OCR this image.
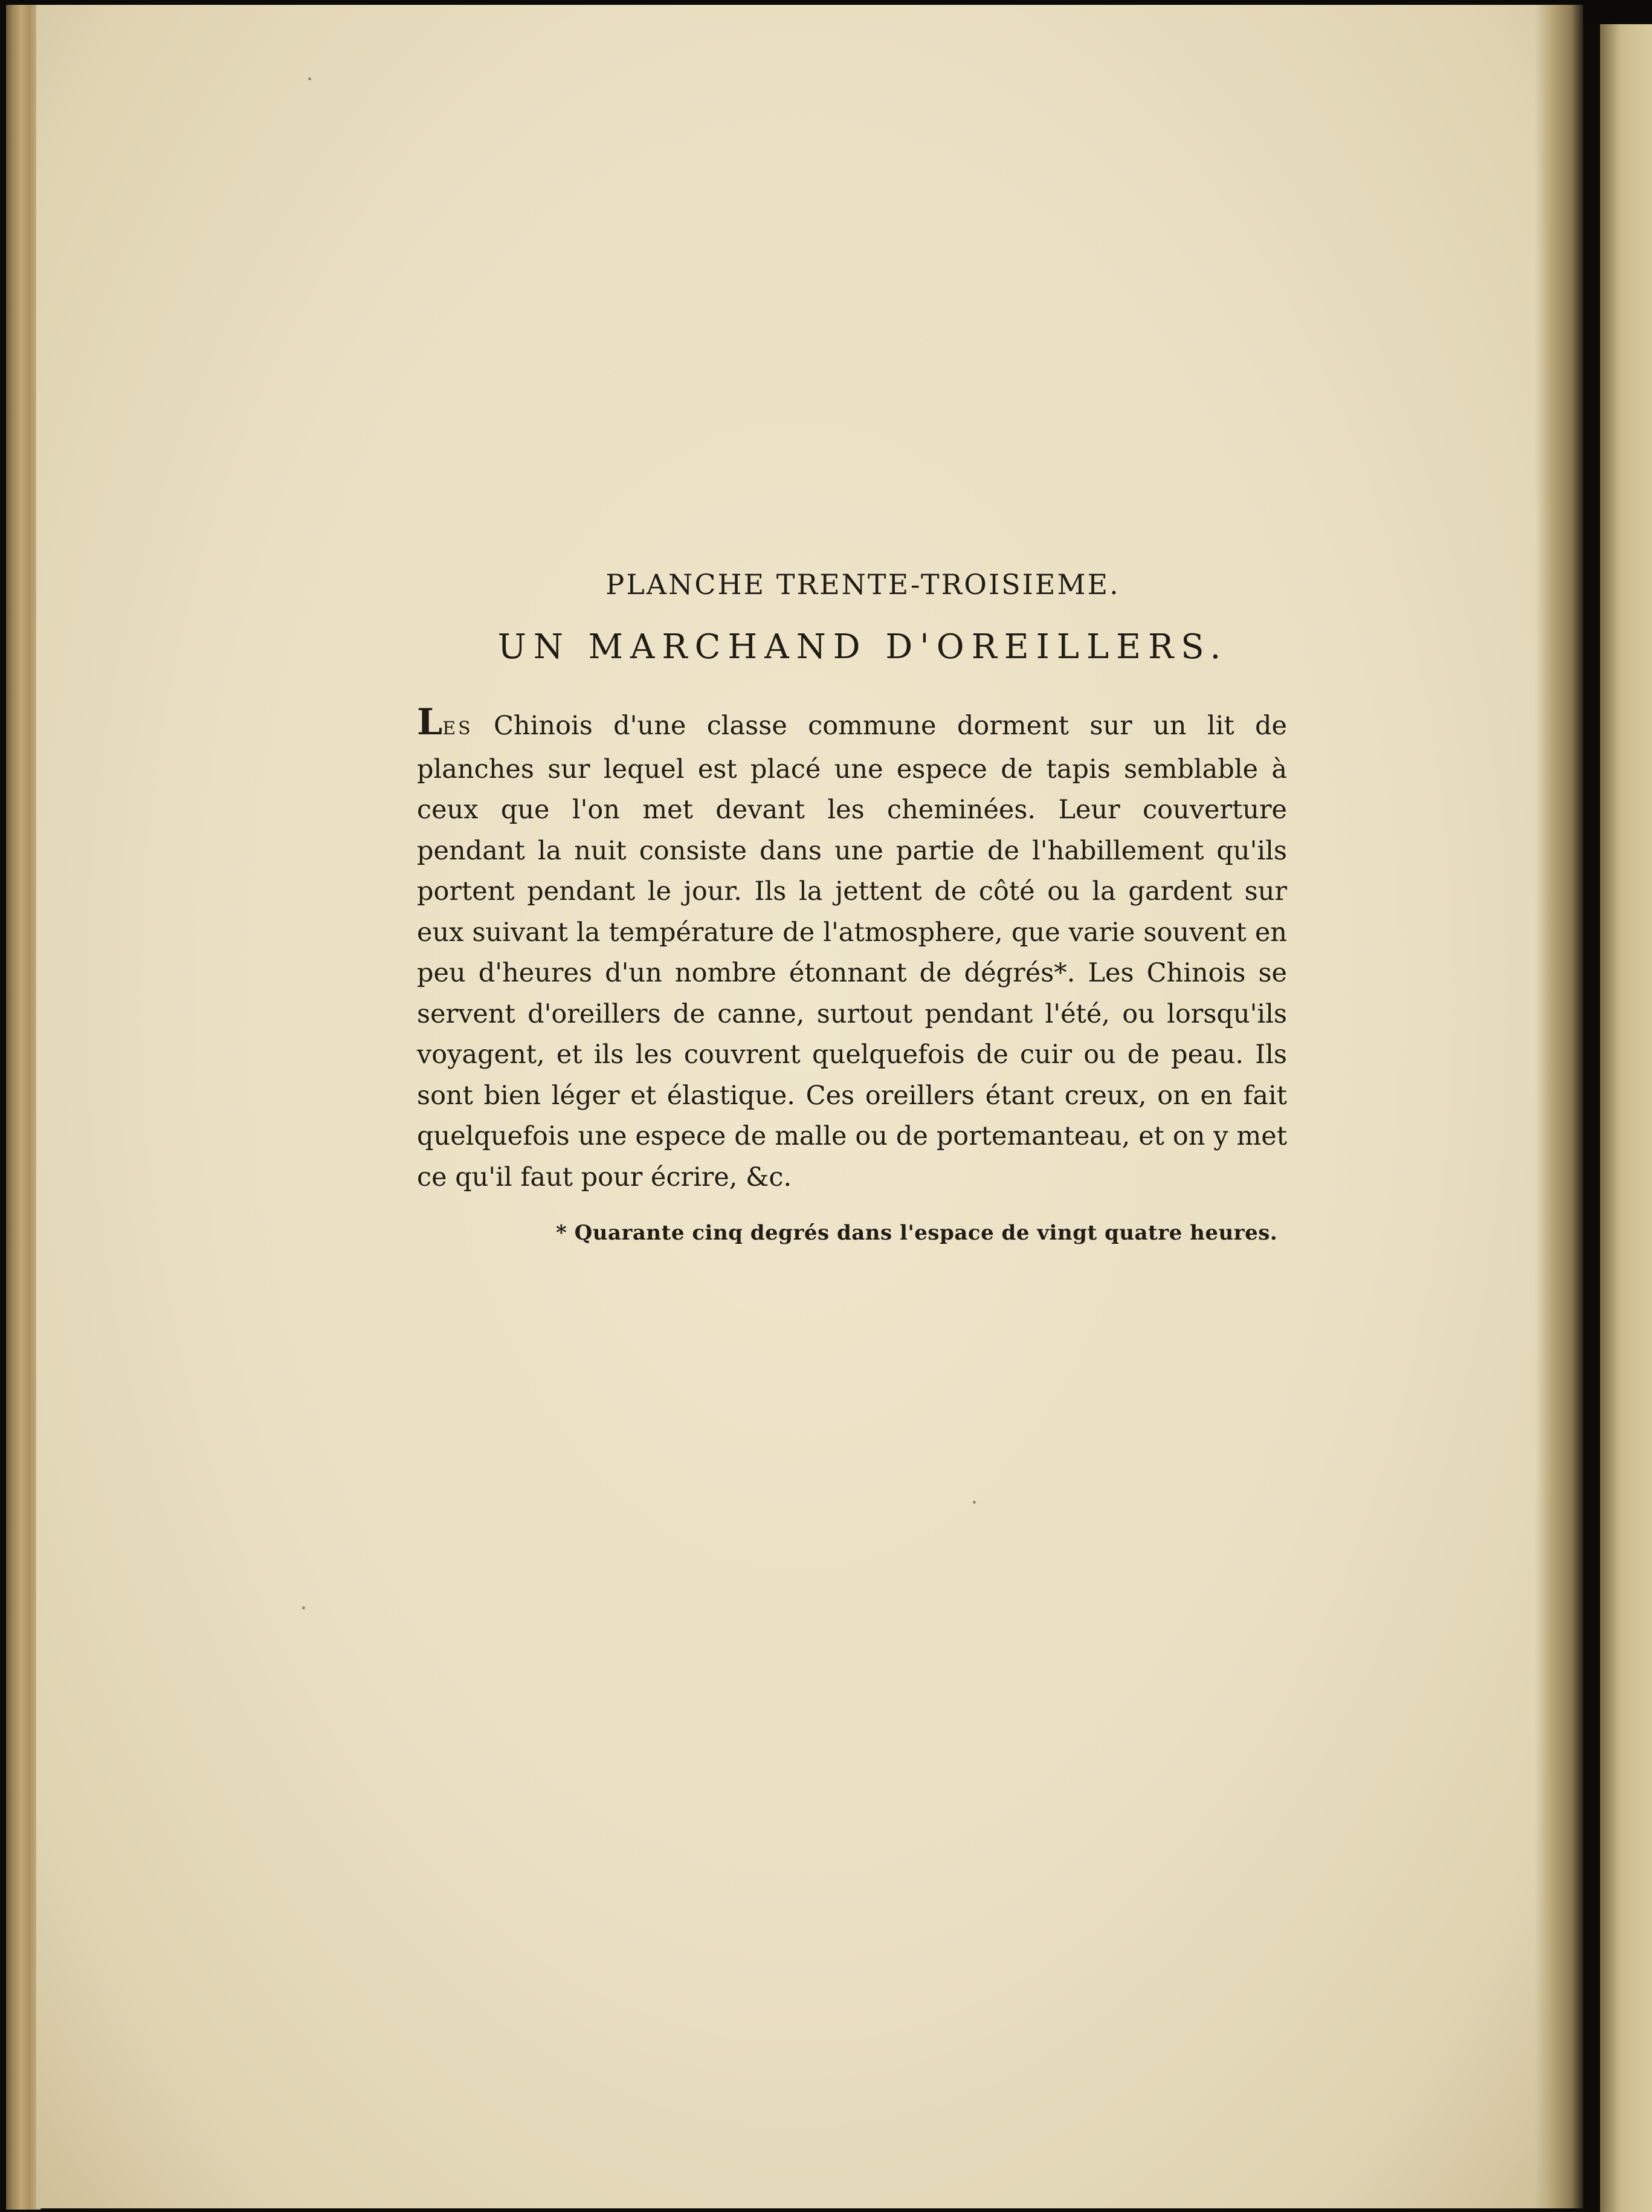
PLANCHE TRENTE-TROISIEME.
UN MARCHAND D'OREILLERS.

LES Chinois d'une classe commune dorment sur un lit de planches sur lequel est placé une espece de tapis semblable à ceux que l'on met devant les cheminées. Leur couverture pendant la nuit consiste dans une partie de l'habillement qu'ils portent pendant le jour. Ils la jettent de côté ou la gardent sur eux suivant la température de l'atmosphere, que varie souvent en peu d'heures d'un nombre étonnant de dégrés*. Les Chinois se servent d'oreillers de canne, surtout pendant l'été, ou lorsqu'ils voyagent, et ils les couvrent quelquefois de cuir ou de peau. Ils sont bien léger et élastique. Ces oreillers étant creux, on en fait quelquefois une espece de malle ou de portemanteau, et on y met ce qu'il faut pour écrire, &c.

* Quarante cinq degrés dans l'espace de vingt quatre heures.
